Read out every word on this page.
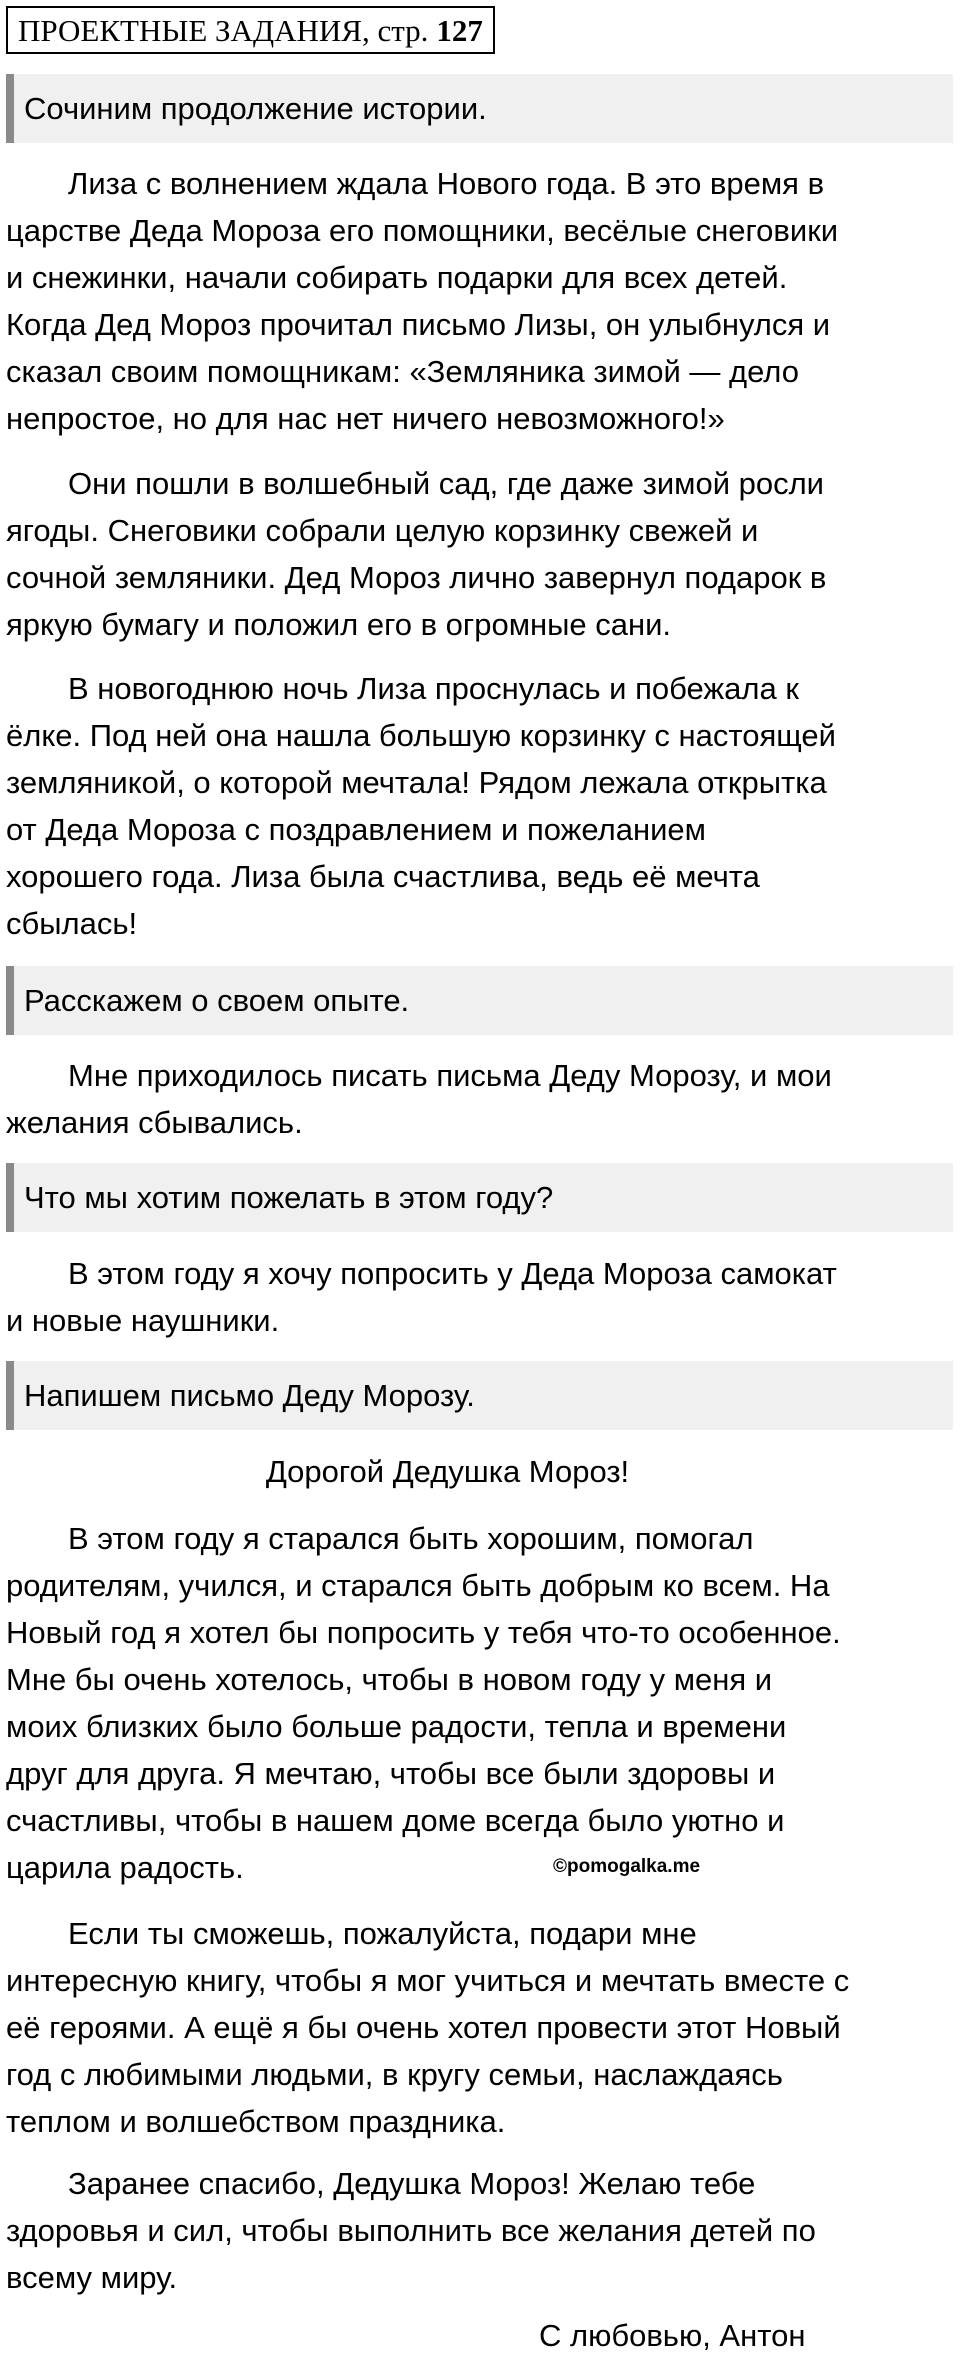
ПРОЕКТНЫЕ ЗАДАНИЯ, стр. 127
Сочиним продолжение истории.
Лиза с волнением ждала Нового года. В это время в
царстве Деда Мороза его помощники, весёлые снеговики
и снежинки, начали собирать подарки для всех детей.
Когда Дед Мороз прочитал письмо Лизы, он улыбнулся и
сказал своим помощникам: «Земляника зимой — дело
непростое, но для нас нет ничего невозможного!»
Они пошли в волшебный сад, где даже зимой росли
ягоды. Снеговики собрали целую корзинку свежей и
сочной земляники. Дед Мороз лично завернул подарок в
яркую бумагу и положил его в огромные сани.
В новогоднюю ночь Лиза проснулась и побежала к
ёлке. Под ней она нашла большую корзинку с настоящей
земляникой, о которой мечтала! Рядом лежала открытка
от Деда Мороза с поздравлением и пожеланием
хорошего года. Лиза была счастлива, ведь её мечта
сбылась!
Расскажем о своем опыте.
Мне приходилось писать письма Деду Морозу, и мои
желания сбывались.
Что мы хотим пожелать в этом году?
В этом году я хочу попросить у Деда Мороза самокат
и новые наушники.
Напишем письмо Деду Морозу.
Дорогой Дедушка Мороз!
В этом году я старался быть хорошим, помогал
родителям, учился, и старался быть добрым ко всем. На
Новый год я хотел бы попросить у тебя что-то особенное.
Мне бы очень хотелось, чтобы в новом году у меня и
моих близких было больше радости, тепла и времени
друг для друга. Я мечтаю, чтобы все были здоровы и
счастливы, чтобы в нашем доме всегда было уютно и
царила радость.	©pomogalka.me
Если ты сможешь, пожалуйста, подари мне
интересную книгу, чтобы я мог учиться и мечтать вместе с
её героями. А ещё я бы очень хотел провести этот Новый
год с любимыми людьми, в кругу семьи, наслаждаясь
теплом и волшебством праздника.
Заранее спасибо, Дедушка Мороз! Желаю тебе
здоровья и сил, чтобы выполнить все желания детей по
всему миру.
С любовью, Антон
